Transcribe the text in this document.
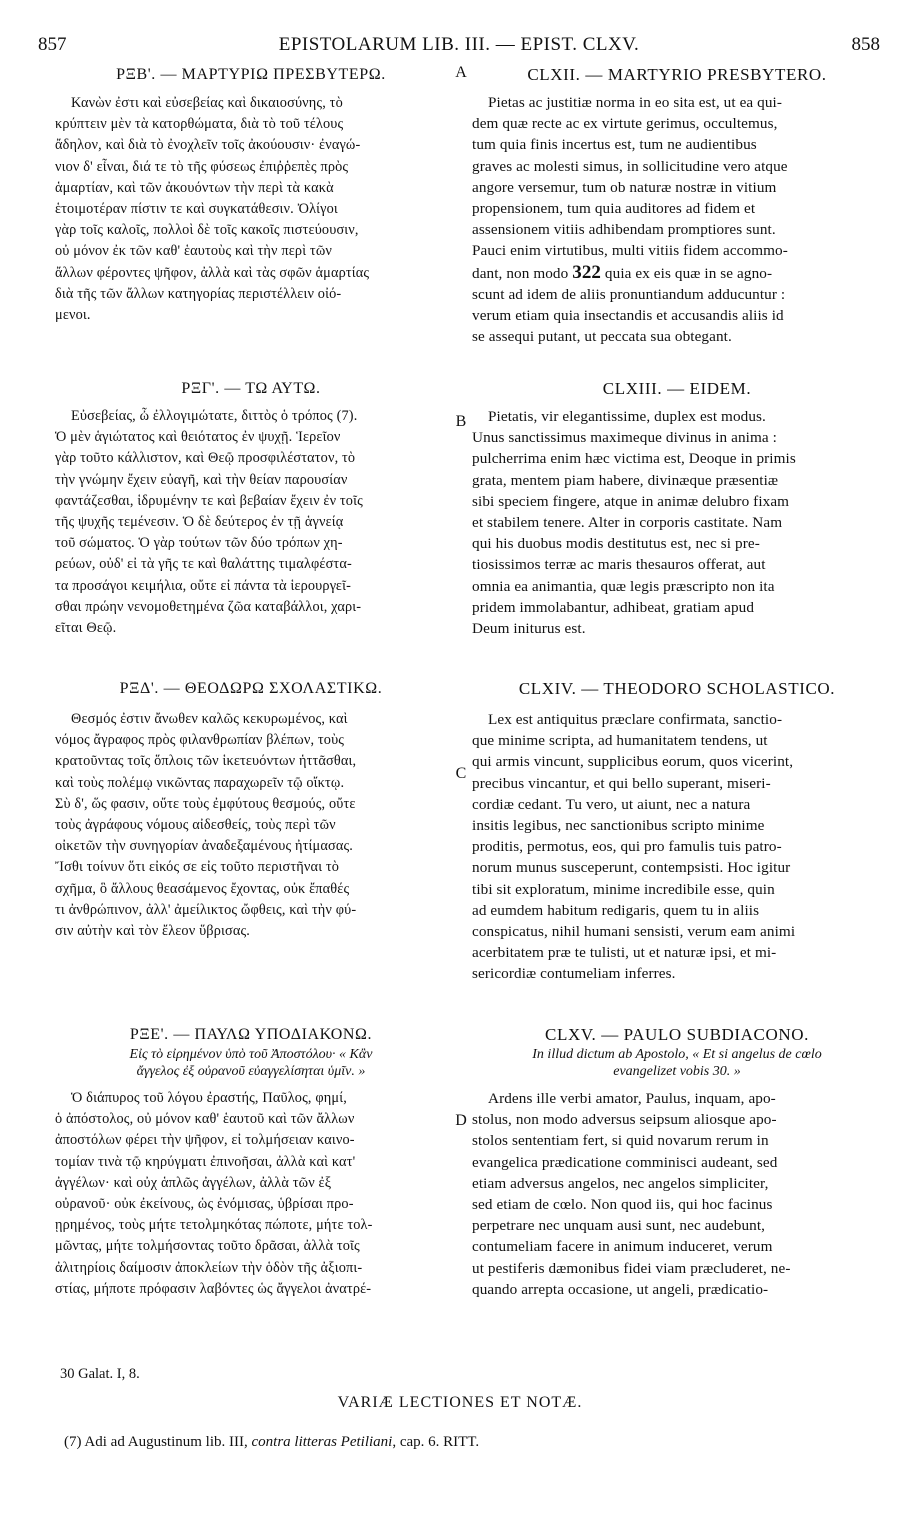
857	EPISTOLARUM LIB. III. — EPIST. CLXV.	858
ΡΞΒ'. — ΜΑΡΤΥΡΙΩ ΠΡΕΣΒΥΤΕΡΩ.
Κανὼν ἐστι καὶ εὐσεβείας καὶ δικαιοσύνης, τὸ
κρύπτειν μὲν τὰ κατορθώματα, διὰ τὸ τοῦ τέλους
ἄδηλον, καὶ διὰ τὸ ἐνοχλεῖν τοῖς ἀκούουσιν· ἐναγώ-
νιον δ' εἶναι, διά τε τὸ τῆς φύσεως ἐπιῤῥεπὲς πρὸς
ἁμαρτίαν, καὶ τῶν ἀκουόντων τὴν περὶ τὰ κακὰ
ἑτοιμοτέραν πίστιν τε καὶ συγκατάθεσιν. Ὀλίγοι
γὰρ τοῖς καλοῖς, πολλοὶ δὲ τοῖς κακοῖς πιστεύουσιν,
οὐ μόνον ἐκ τῶν καθ' ἑαυτοὺς καὶ τὴν περὶ τῶν
ἄλλων φέροντες ψῆφον, ἀλλὰ καὶ τὰς σφῶν ἁμαρτίας
διὰ τῆς τῶν ἄλλων κατηγορίας περιστέλλειν οἰό-
μενοι.
ΡΞΓ'. — ΤΩ ΑΥΤΩ.
Εὐσεβείας, ὦ ἐλλογιμώτατε, διττὸς ὁ τρόπος (7).
Ὁ μὲν ἁγιώτατος καὶ θειότατος ἐν ψυχῇ. Ἱερεῖον
γὰρ τοῦτο κάλλιστον, καὶ Θεῷ προσφιλέστατον, τὸ
τὴν γνώμην ἔχειν εὐαγῆ, καὶ τὴν θείαν παρουσίαν
φαντάζεσθαι, ἱδρυμένην τε καὶ βεβαίαν ἔχειν ἐν τοῖς
τῆς ψυχῆς τεμένεσιν. Ὁ δὲ δεύτερος ἐν τῇ ἁγνείᾳ
τοῦ σώματος. Ὁ γὰρ τούτων τῶν δύο τρόπων χη-
ρεύων, οὐδ' εἰ τὰ γῆς τε καὶ θαλάττης τιμαλφέστα-
τα προσάγοι κειμήλια, οὔτε εἰ πάντα τὰ ἱερουργεῖ-
σθαι πρώην νενομοθετημένα ζῶα καταβάλλοι, χαρι-
εῖται Θεῷ.
ΡΞΔ'. — ΘΕΟΔΩΡΩ ΣΧΟΛΑΣΤΙΚΩ.
Θεσμός ἐστιν ἄνωθεν καλῶς κεκυρωμένος, καὶ
νόμος ἄγραφος πρὸς φιλανθρωπίαν βλέπων, τοὺς
κρατοῦντας τοῖς ὅπλοις τῶν ἱκετευόντων ἡττᾶσθαι,
καὶ τοὺς πολέμῳ νικῶντας παραχωρεῖν τῷ οἴκτῳ.
Σὺ δ', ὥς φασιν, οὔτε τοὺς ἐμφύτους θεσμούς, οὔτε
τοὺς ἀγράφους νόμους αἰδεσθείς, τοὺς περὶ τῶν
οἰκετῶν τὴν συνηγορίαν ἀναδεξαμένους ἠτίμασας.
Ἴσθι τοίνυν ὅτι εἰκός σε εἰς τοῦτο περιστῆναι τὸ
σχῆμα, ὃ ἄλλους θεασάμενος ἔχοντας, οὐκ ἔπαθές
τι ἀνθρώπινον, ἀλλ' ἀμείλικτος ὤφθεις, καὶ τὴν φύ-
σιν αὐτὴν καὶ τὸν ἔλεον ὕβρισας.
ΡΞΕ'. — ΠΑΥΛΩ ΥΠΟΔΙΑΚΟΝΩ.
Εἰς τὸ εἰρημένον ὑπὸ τοῦ Ἀποστόλου· « Κἂν
ἄγγελος ἐξ οὐρανοῦ εὐαγγελίσηται ὑμῖν. »
Ὁ διάπυρος τοῦ λόγου ἐραστής, Παῦλος, φημί,
ὁ ἀπόστολος, οὐ μόνον καθ' ἑαυτοῦ καὶ τῶν ἄλλων
ἀποστόλων φέρει τὴν ψῆφον, εἰ τολμήσειαν καινο-
τομίαν τινὰ τῷ κηρύγματι ἐπινοῆσαι, ἀλλὰ καὶ κατ'
ἀγγέλων· καὶ οὐχ ἁπλῶς ἀγγέλων, ἀλλὰ τῶν ἐξ
οὐρανοῦ· οὐκ ἐκείνους, ὡς ἐνόμισας, ὑβρίσαι προ-
ῃρημένος, τοὺς μήτε τετολμηκότας πώποτε, μήτε τολ-
μῶντας, μήτε τολμήσοντας τοῦτο δρᾶσαι, ἀλλὰ τοῖς
ἀλιτηρίοις δαίμοσιν ἀποκλείων τὴν ὁδὸν τῆς ἀξιοπι-
στίας, μήποτε πρόφασιν λαβόντες ὡς ἄγγελοι ἀνατρέ-
A
B
C
D
CLXII. — MARTYRIO PRESBYTERO.
Pietas ac justitiæ norma in eo sita est, ut ea qui-
dem quæ recte ac ex virtute gerimus, occultemus,
tum quia finis incertus est, tum ne audientibus
graves ac molesti simus, in sollicitudine vero atque
angore versemur, tum ob naturæ nostræ in vitium
propensionem, tum quia auditores ad fidem et
assensionem vitiis adhibendam promptiores sunt.
Pauci enim virtutibus, multi vitiis fidem accommo-
dant, non modo 322 quia ex eis quæ in se agno-
scunt ad idem de aliis pronuntiandum adducuntur :
verum etiam quia insectandis et accusandis aliis id
se assequi putant, ut peccata sua obtegant.
CLXIII. — EIDEM.
Pietatis, vir elegantissime, duplex est modus.
Unus sanctissimus maximeque divinus in anima :
pulcherrima enim hæc victima est, Deoque in primis
grata, mentem piam habere, divinæque præsentiæ
sibi speciem fingere, atque in animæ delubro fixam
et stabilem tenere. Alter in corporis castitate. Nam
qui his duobus modis destitutus est, nec si pre-
tiosissimos terræ ac maris thesauros offerat, aut
omnia ea animantia, quæ legis præscripto non ita
pridem immolabantur, adhibeat, gratiam apud
Deum initurus est.
CLXIV. — THEODORO SCHOLASTICO.
Lex est antiquitus præclare confirmata, sanctio-
que minime scripta, ad humanitatem tendens, ut
qui armis vincunt, supplicibus eorum, quos vicerint,
precibus vincantur, et qui bello superant, miseri-
cordiæ cedant. Tu vero, ut aiunt, nec a natura
insitis legibus, nec sanctionibus scripto minime
proditis, permotus, eos, qui pro famulis tuis patro-
norum munus susceperunt, contempsisti. Hoc igitur
tibi sit exploratum, minime incredibile esse, quin
ad eumdem habitum redigaris, quem tu in aliis
conspicatus, nihil humani sensisti, verum eam animi
acerbitatem præ te tulisti, ut et naturæ ipsi, et mi-
sericordiæ contumeliam inferres.
CLXV. — PAULO SUBDIACONO.
In illud dictum ab Apostolo, « Et si angelus de cœlo
evangelizet vobis 30. »
Ardens ille verbi amator, Paulus, inquam, apo-
stolus, non modo adversus seipsum aliosque apo-
stolos sententiam fert, si quid novarum rerum in
evangelica prædicatione comminisci audeant, sed
etiam adversus angelos, nec angelos simpliciter,
sed etiam de cœlo. Non quod iis, qui hoc facinus
perpetrare nec unquam ausi sunt, nec audebunt,
contumeliam facere in animum induceret, verum
ut pestiferis dæmonibus fidei viam præcluderet, ne-
quando arrepta occasione, ut angeli, prædicatio-
30 Galat. I, 8.
VARIÆ LECTIONES ET NOTÆ.
(7) Adi ad Augustinum lib. III, contra litteras Petiliani, cap. 6. RITT.
